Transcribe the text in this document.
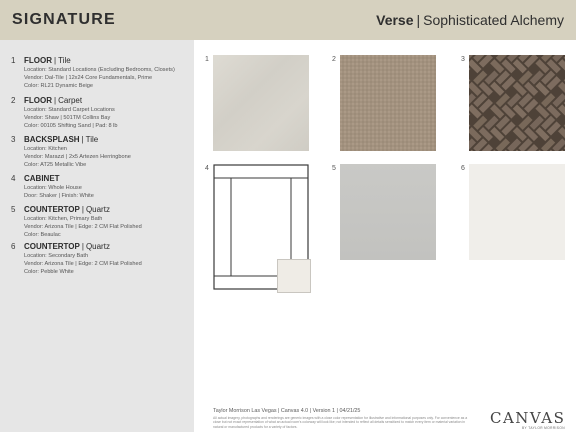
SIGNATURE	Verse | Sophisticated Alchemy
1 FLOOR | Tile
Location: Standard Locations (Excluding Bedrooms, Closets)
Vendor: Dal-Tile | 12x24 Core Fundamentals, Prime
Color: RL21 Dynamic Beige
2 FLOOR | Carpet
Location: Standard Carpet Locations
Vendor: Shaw | 501TM Collins Bay
Color: 00105 Shifting Sand | Pad: 8 lb
3 BACKSPLASH | Tile
Location: Kitchen
Vendor: Marazzi | 2x5 Artezen Herringbone
Color: AT25 Metallic Vibe
4 CABINET
Location: Whole House
Door: Shaker | Finish: White
5 COUNTERTOP | Quartz
Location: Kitchen, Primary Bath
Vendor: Arizona Tile | Edge: 2 CM Flat Polished
Color: Beaulac
6 COUNTERTOP | Quartz
Location: Secondary Bath
Vendor: Arizona Tile | Edge: 2 CM Flat Polished
Color: Pebble White
1	2	3
4	5	6
Taylor Morrison Las Vegas | Canvas 4.0 | Version 1 | 04/21/25
All actual imagery, photographs and renderings are generic images with a close color representation for illustrative and informational purposes only. For convenience as a close but not exact representation of what an actual room's colorway will look like; not intended to reflect all details sensitized to match every item or material variation in natural or manufactured products for a variety of factors.	CANVAS
BY TAYLOR MORRISON
